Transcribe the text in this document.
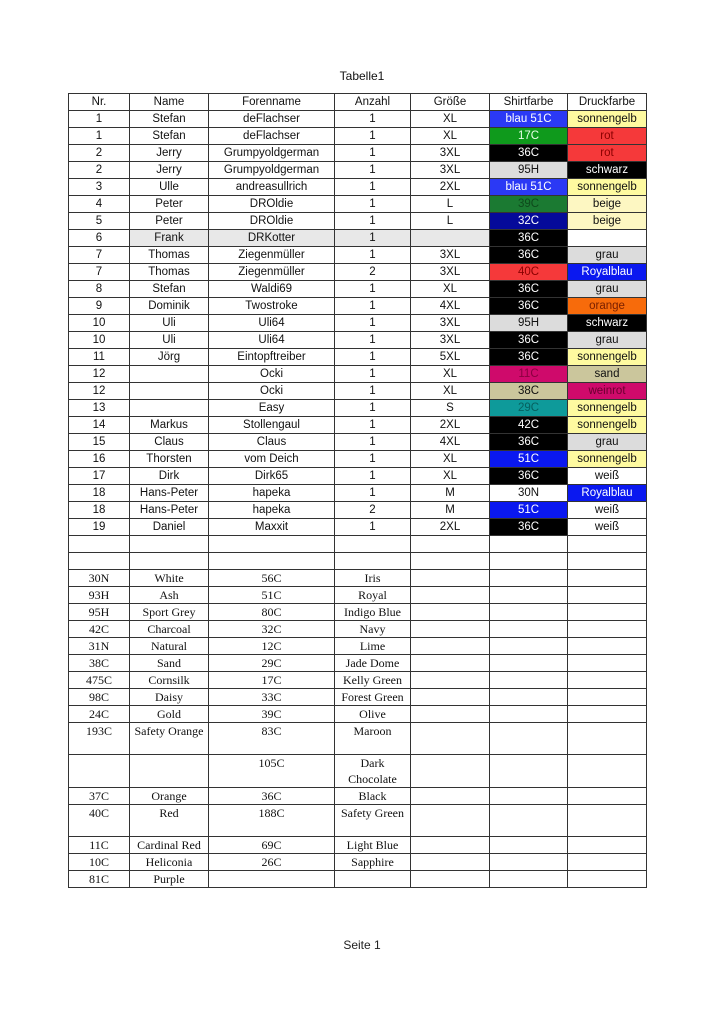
Tabelle1
Nr.	Name	Forenname	Anzahl	Größe	Shirtfarbe	Druckfarbe
1	Stefan	deFlachser	1	XL	blau 51C	sonnengelb
1	Stefan	deFlachser	1	XL	17C	rot
2	Jerry	Grumpyoldgerman	1	3XL	36C	rot
2	Jerry	Grumpyoldgerman	1	3XL	95H	schwarz
3	Ulle	andreasullrich	1	2XL	blau 51C	sonnengelb
4	Peter	DROldie	1	L	39C	beige
5	Peter	DROldie	1	L	32C	beige
6	Frank	DRKotter	1		36C	
7	Thomas	Ziegenmüller	1	3XL	36C	grau
7	Thomas	Ziegenmüller	2	3XL	40C	Royalblau
8	Stefan	Waldi69	1	XL	36C	grau
9	Dominik	Twostroke	1	4XL	36C	orange
10	Uli	Uli64	1	3XL	95H	schwarz
10	Uli	Uli64	1	3XL	36C	grau
11	Jörg	Eintopftreiber	1	5XL	36C	sonnengelb
12		Ocki	1	XL	11C	sand
12		Ocki	1	XL	38C	weinrot
13		Easy	1	S	29C	sonnengelb
14	Markus	Stollengaul	1	2XL	42C	sonnengelb
15	Claus	Claus	1	4XL	36C	grau
16	Thorsten	vom Deich	1	XL	51C	sonnengelb
17	Dirk	Dirk65	1	XL	36C	weiß
18	Hans-Peter	hapeka	1	M	30N	Royalblau
18	Hans-Peter	hapeka	2	M	51C	weiß
19	Daniel	Maxxit	1	2XL	36C	weiß

30N	White	56C	Iris			
93H	Ash	51C	Royal			
95H	Sport Grey	80C	Indigo Blue			
42C	Charcoal	32C	Navy			
31N	Natural	12C	Lime			
38C	Sand	29C	Jade Dome			
475C	Cornsilk	17C	Kelly Green			
98C	Daisy	33C	Forest Green			
24C	Gold	39C	Olive			
193C	Safety Orange	83C	Maroon			
		105C	Dark Chocolate			
37C	Orange	36C	Black			
40C	Red	188C	Safety Green			
11C	Cardinal Red	69C	Light Blue			
10C	Heliconia	26C	Sapphire			
81C	Purple					
Seite 1
